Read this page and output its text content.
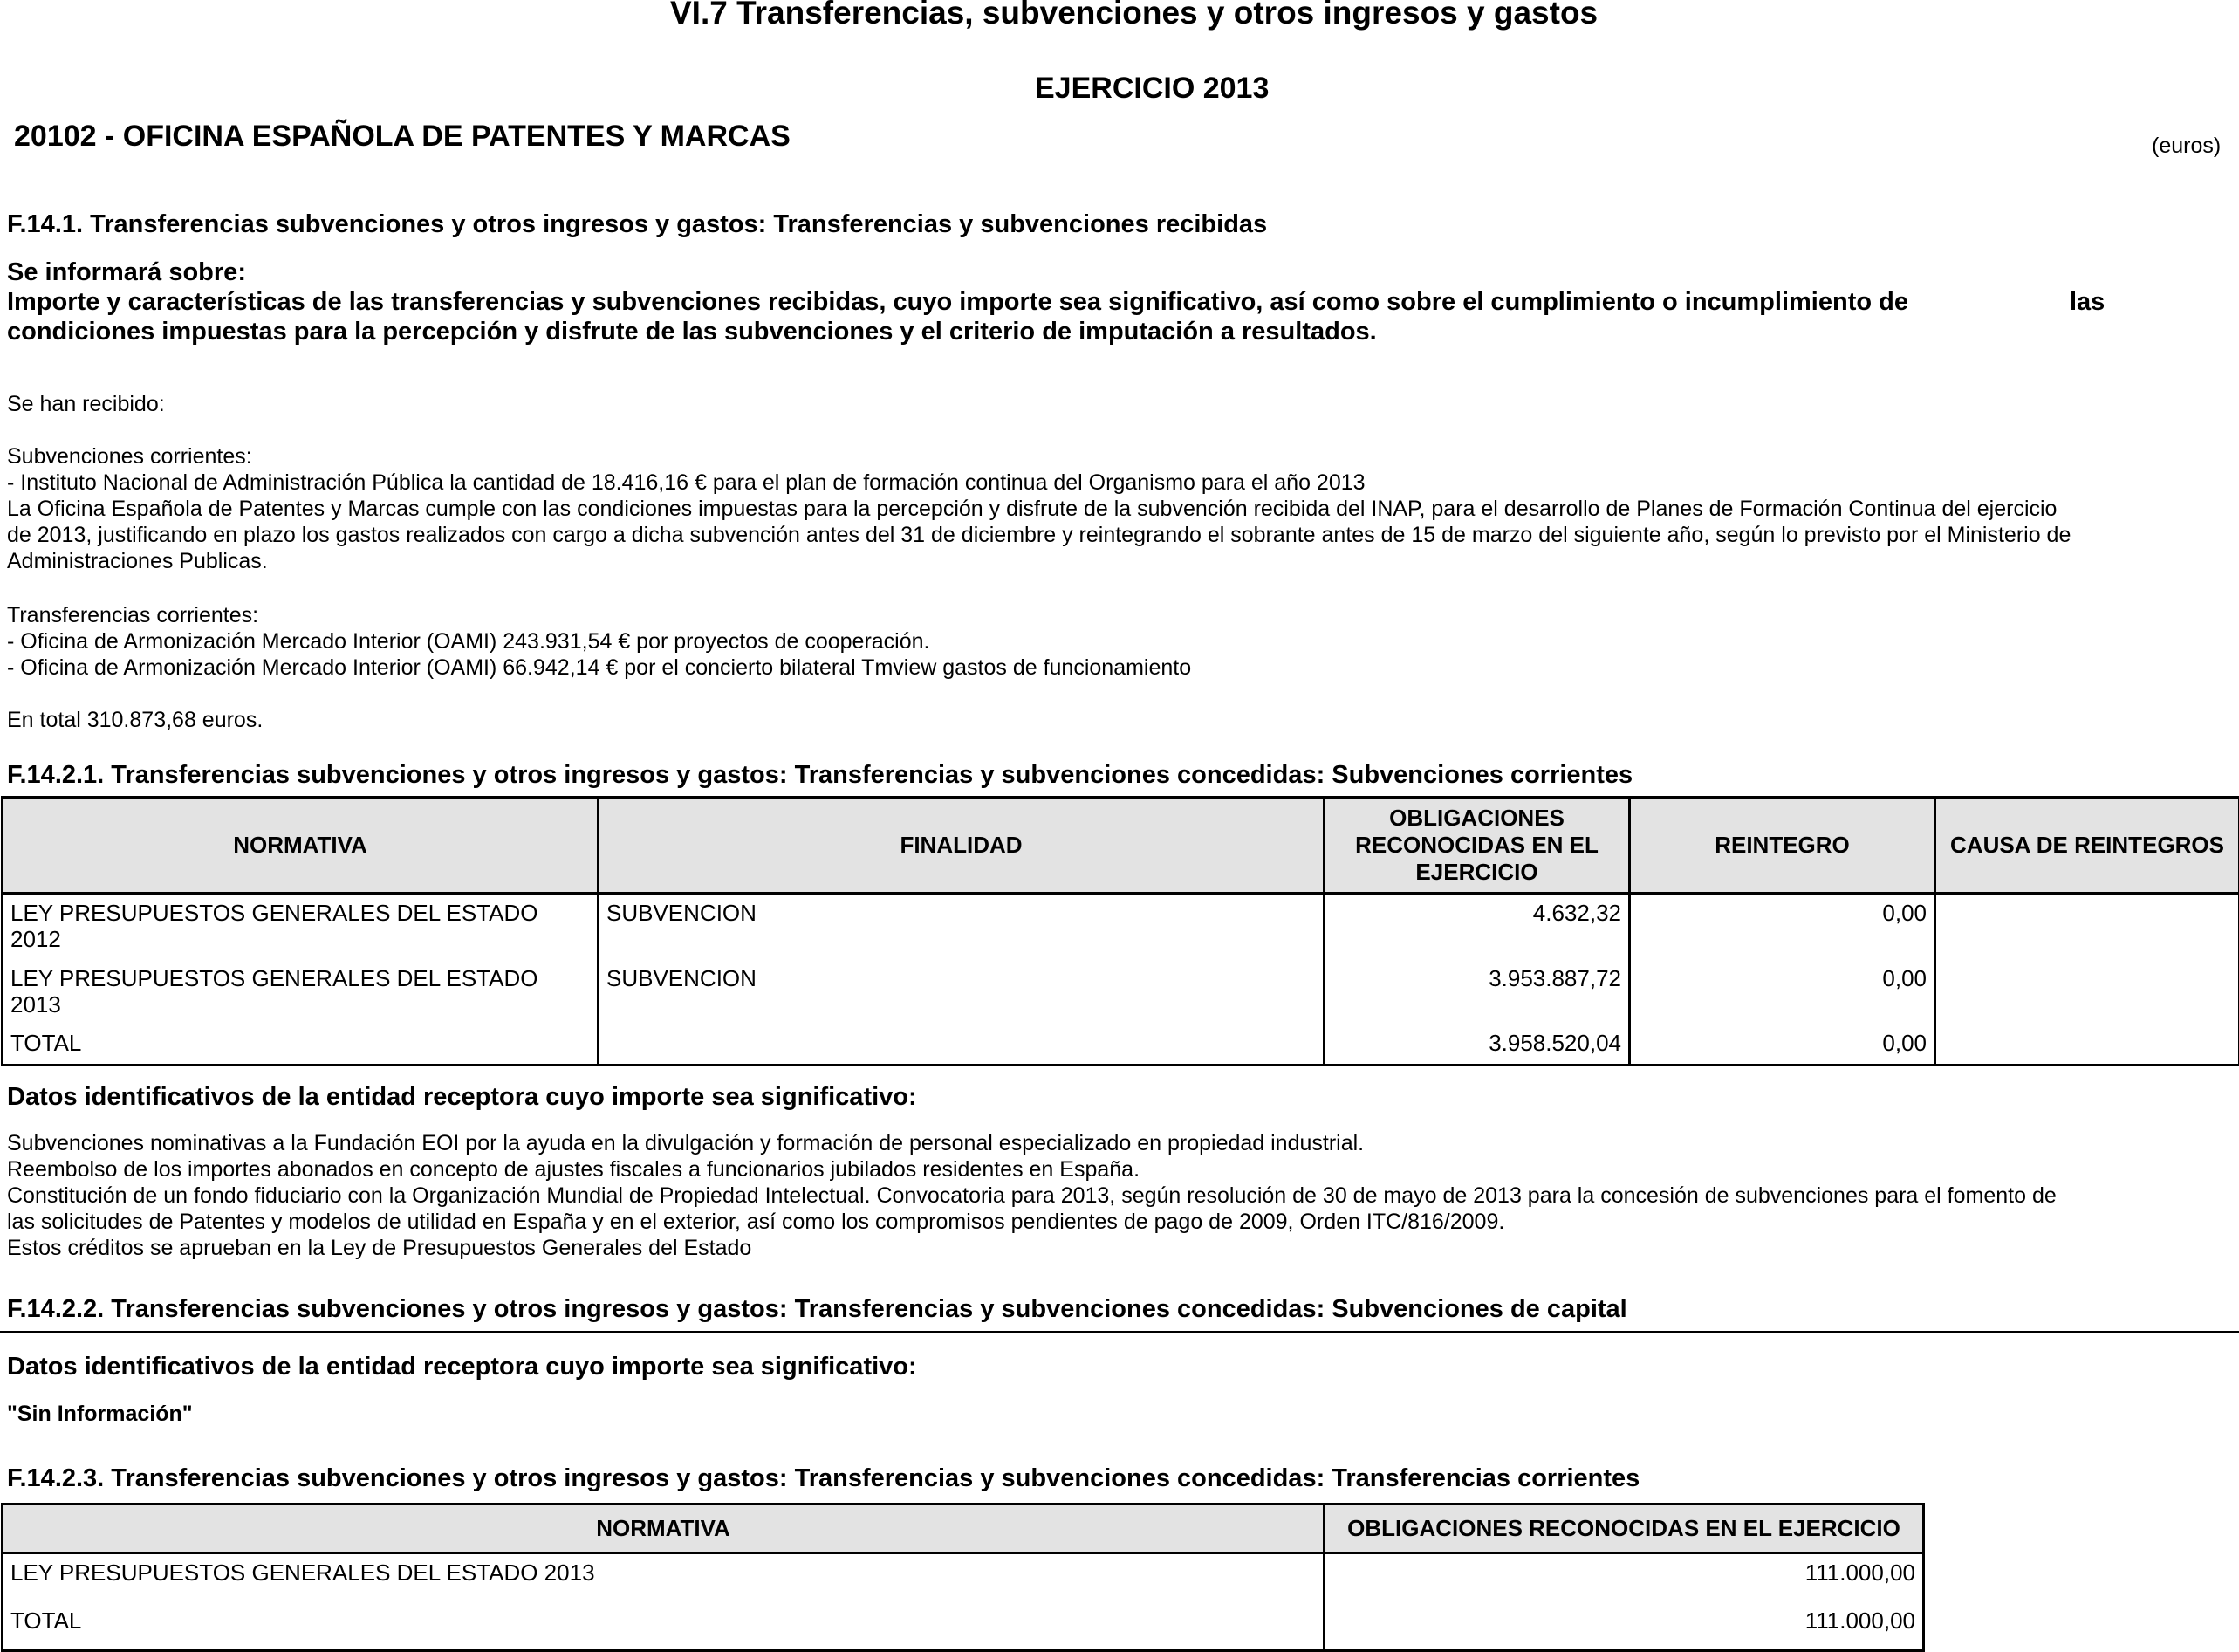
VI.7 Transferencias, subvenciones y otros ingresos y gastos
EJERCICIO 2013
20102 - OFICINA ESPAÑOLA DE PATENTES Y MARCAS	(euros)
F.14.1. Transferencias subvenciones y otros ingresos y gastos: Transferencias y subvenciones recibidas
Se informará sobre:
Importe y características de las transferencias y subvenciones recibidas, cuyo importe sea significativo, así como sobre el cumplimiento o incumplimiento de	las
condiciones impuestas para la percepción y disfrute de las subvenciones y el criterio de imputación a resultados.
Se han recibido:
Subvenciones corrientes:
- Instituto Nacional de Administración Pública la cantidad de 18.416,16 € para el plan de formación continua del Organismo para el año 2013
La Oficina Española de Patentes y Marcas cumple con las condiciones impuestas para la percepción y disfrute de la subvención recibida del INAP, para el desarrollo de Planes de Formación Continua del ejercicio
de 2013, justificando en plazo los gastos realizados con cargo a dicha subvención antes del 31 de diciembre y reintegrando el sobrante antes de 15 de marzo del siguiente año, según lo previsto por el Ministerio de
Administraciones Publicas.
Transferencias corrientes:
- Oficina de Armonización Mercado Interior (OAMI) 243.931,54 € por proyectos de cooperación.
- Oficina de Armonización Mercado Interior (OAMI) 66.942,14 € por el concierto bilateral Tmview gastos de funcionamiento
En total 310.873,68 euros.
F.14.2.1. Transferencias subvenciones y otros ingresos y gastos: Transferencias y subvenciones concedidas: Subvenciones corrientes
NORMATIVA	FINALIDAD	OBLIGACIONES RECONOCIDAS EN EL EJERCICIO	REINTEGRO	CAUSA DE REINTEGROS
LEY PRESUPUESTOS GENERALES DEL ESTADO 2012	SUBVENCION	4.632,32	0,00	
LEY PRESUPUESTOS GENERALES DEL ESTADO 2013	SUBVENCION	3.953.887,72	0,00	
TOTAL		3.958.520,04	0,00	
Datos identificativos de la entidad receptora cuyo importe sea significativo:
Subvenciones nominativas a la Fundación EOI por la ayuda en la divulgación y formación de personal especializado en propiedad industrial.
Reembolso de los importes abonados en concepto de ajustes fiscales a funcionarios jubilados residentes en España.
Constitución de un fondo fiduciario con la Organización Mundial de Propiedad Intelectual. Convocatoria para 2013, según resolución de 30 de mayo de 2013 para la concesión de subvenciones para el fomento de
las solicitudes de Patentes y modelos de utilidad en España y en el exterior, así como los compromisos pendientes de pago de 2009, Orden ITC/816/2009.
Estos créditos se aprueban en la Ley de Presupuestos Generales del Estado
F.14.2.2. Transferencias subvenciones y otros ingresos y gastos: Transferencias y subvenciones concedidas: Subvenciones de capital
Datos identificativos de la entidad receptora cuyo importe sea significativo:
"Sin Información"
F.14.2.3. Transferencias subvenciones y otros ingresos y gastos: Transferencias y subvenciones concedidas: Transferencias corrientes
NORMATIVA	OBLIGACIONES RECONOCIDAS EN EL EJERCICIO
LEY PRESUPUESTOS GENERALES DEL ESTADO 2013	111.000,00
TOTAL	111.000,00
